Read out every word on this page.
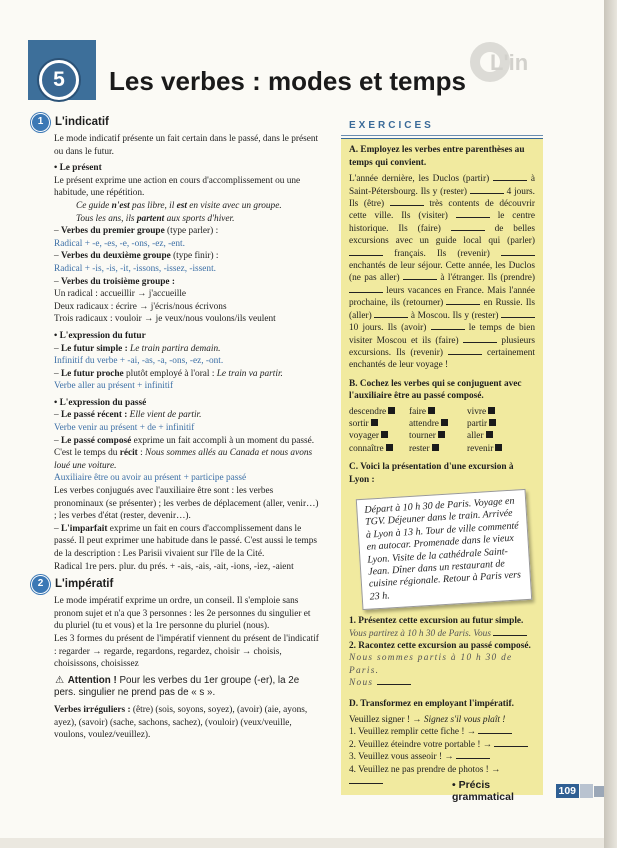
L'in
5 Les verbes : modes et temps
1	L'indicatif

Le mode indicatif présente un fait certain dans le passé, dans le présent ou dans le futur.

• Le présent

Le présent exprime une action en cours d'accomplissement ou une habitude, une répétition.

Ce guide n'est pas libre, il est en visite avec un groupe.
Tous les ans, ils partent aux sports d'hiver.

– Verbes du premier groupe (type parler) :

Radical + -e, -es, -e, -ons, -ez, -ent.

– Verbes du deuxième groupe (type finir) :

Radical + -is, -is, -it, -issons, -issez, -issent.

– Verbes du troisième groupe :

Un radical : accueillir → j'accueille

Deux radicaux : écrire → j'écris/nous écrivons

Trois radicaux : vouloir → je veux/nous voulons/ils veulent

• L'expression du futur

– Le futur simple : Le train partira demain.

Infinitif du verbe + -ai, -as, -a, -ons, -ez, -ont.

– Le futur proche plutôt employé à l'oral : Le train va partir.

Verbe aller au présent + infinitif

• L'expression du passé

– Le passé récent : Elle vient de partir.

Verbe venir au présent + de + infinitif

– Le passé composé exprime un fait accompli à un moment du passé. C'est le temps du récit : Nous sommes allés au Canada et nous avons loué une voiture.

Auxiliaire être ou avoir au présent + participe passé

Les verbes conjugués avec l'auxiliaire être sont : les verbes pronominaux (se présenter) ; les verbes de déplacement (aller, venir…) ; les verbes d'état (rester, devenir…).

– L'imparfait exprime un fait en cours d'accomplissement dans le passé. Il peut exprimer une habitude dans le passé. C'est aussi le temps de la description : Les Parisii vivaient sur l'île de la Cité.

Radical 1re pers. plur. du prés. + -ais, -ais, -ait, -ions, -iez, -aient

2	L'impératif

Le mode impératif exprime un ordre, un conseil. Il s'emploie sans pronom sujet et n'a que 3 personnes : les 2e personnes du singulier et du pluriel (tu et vous) et la 1re personne du pluriel (nous).

Les 3 formes du présent de l'impératif viennent du présent de l'indicatif : regarder → regarde, regardons, regardez, choisir → choisis, choisissons, choisissez

⚠ Attention ! Pour les verbes du 1er groupe (-er), la 2e pers. singulier ne prend pas de « s ».

Verbes irréguliers : (être) (sois, soyons, soyez), (avoir) (aie, ayons, ayez), (savoir) (sache, sachons, sachez), (vouloir) (veux/veuille, voulons, voulez/veuillez).

EXERCICES

A. Employez les verbes entre parenthèses au temps qui convient.

L'année dernière, les Duclos (partir)	à Saint-Pétersbourg. Ils y (rester)	4 jours. Ils (être)	très contents de découvrir cette ville. Ils (visiter)	le centre historique. Ils (faire)	de belles excursions avec un guide local qui (parler)  français. Ils (revenir)  enchantés de leur séjour. Cette année, les Duclos (ne pas aller)	à l'étranger. Ils (prendre)  leurs vacances en France. Mais l'année prochaine, ils (retourner)	en Russie. Ils (aller)	à Moscou. Ils y (rester)  10 jours. Ils (avoir)	le temps de bien visiter Moscou et ils (faire)	plusieurs excursions. Ils (revenir)	certainement enchantés de leur voyage !

B. Cochez les verbes qui se conjuguent avec l'auxiliaire être au passé composé.

descendre	faire	vivre
sortir	attendre	partir
voyager	tourner	aller
connaître	rester	revenir

C. Voici la présentation d'une excursion à Lyon :

Départ à 10 h 30 de Paris. Voyage en TGV. Déjeuner dans le train. Arrivée à Lyon à 13 h. Tour de ville commenté en autocar. Promenade dans le vieux Lyon. Visite de la cathédrale Saint-Jean. Dîner dans un restaurant de cuisine régionale. Retour à Paris vers 23 h.

1. Présentez cette excursion au futur simple.

Vous partirez à 10 h 30 de Paris. Vous

2. Racontez cette excursion au passé composé.

Nous sommes partis à 10 h 30 de Paris.

Nous

D. Transformez en employant l'impératif.

Veuillez signer ! → Signez s'il vous plaît !

1. Veuillez remplir cette fiche ! →

2. Veuillez éteindre votre portable ! →

3. Veuillez vous asseoir ! →

4. Veuillez ne pas prendre de photos ! →

• Précis grammatical	109
